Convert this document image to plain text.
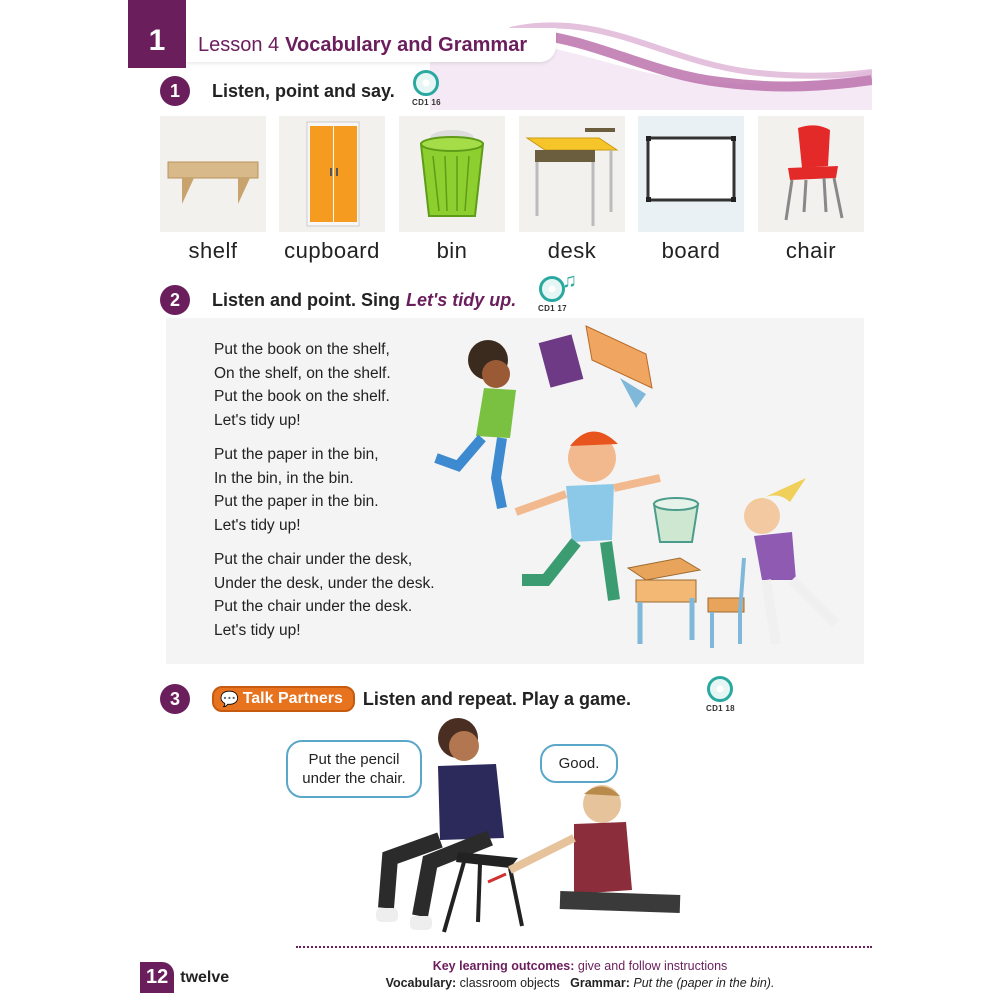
1	Lesson 4 Vocabulary and Grammar
1	Listen, point and say.
CD1 16
shelf	cupboard	bin	desk	board	chair
2	Listen and point. Sing Let's tidy up.	CD1 17
♫
Put the book on the shelf,
On the shelf, on the shelf.
Put the book on the shelf.
Let's tidy up!
Put the paper in the bin,
In the bin, in the bin.
Put the paper in the bin.
Let's tidy up!
Put the chair under the desk,
Under the desk, under the desk.
Put the chair under the desk.
Let's tidy up!
3	💬 Talk Partners Listen and repeat. Play a game.	CD1 18
Put the pencil
under the chair.
Good.
12 twelve
Key learning outcomes: give and follow instructions
Vocabulary: classroom objects Grammar: Put the (paper in the bin).
